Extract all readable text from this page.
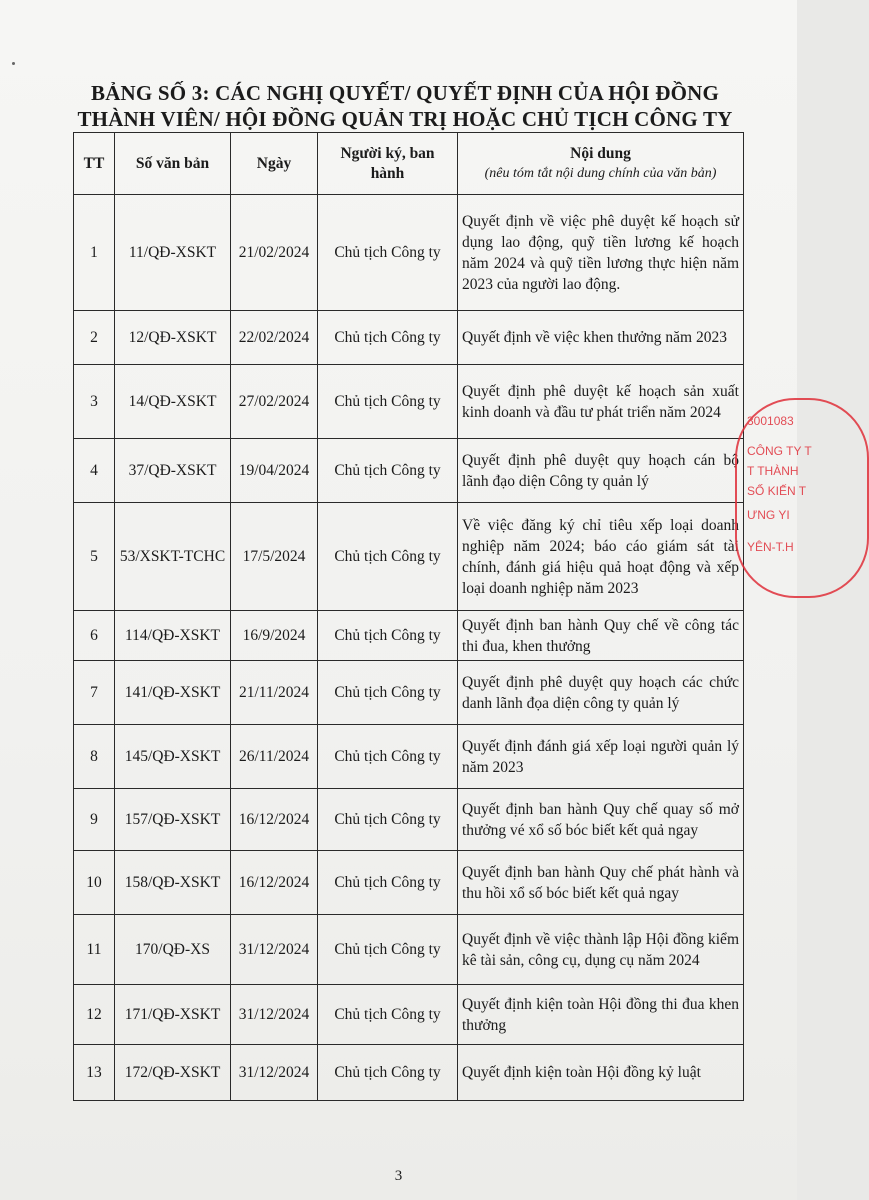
BẢNG SỐ 3: CÁC NGHỊ QUYẾT/ QUYẾT ĐỊNH CỦA HỘI ĐỒNG
THÀNH VIÊN/ HỘI ĐỒNG QUẢN TRỊ HOẶC CHỦ TỊCH CÔNG TY
TT	Số văn bản	Ngày	Người ký, ban hành	Nội dung
(nêu tóm tắt nội dung chính của văn bản)

1	11/QĐ-XSKT	21/02/2024	Chủ tịch Công ty	Quyết định về việc phê duyệt kế hoạch sử dụng lao động, quỹ tiền lương kế hoạch năm 2024 và quỹ tiền lương thực hiện năm 2023 của người lao động.
2	12/QĐ-XSKT	22/02/2024	Chủ tịch Công ty	Quyết định về việc khen thưởng năm 2023
3	14/QĐ-XSKT	27/02/2024	Chủ tịch Công ty	Quyết định phê duyệt kế hoạch sản xuất kinh doanh và đầu tư phát triển năm 2024
4	37/QĐ-XSKT	19/04/2024	Chủ tịch Công ty	Quyết định phê duyệt quy hoạch cán bộ lãnh đạo diện Công ty quản lý
5	53/XSKT-TCHC	17/5/2024	Chủ tịch Công ty	Về việc đăng ký chỉ tiêu xếp loại doanh nghiệp năm 2024; báo cáo giám sát tài chính, đánh giá hiệu quả hoạt động và xếp loại doanh nghiệp năm 2023
6	114/QĐ-XSKT	16/9/2024	Chủ tịch Công ty	Quyết định ban hành Quy chế về công tác thi đua, khen thưởng
7	141/QĐ-XSKT	21/11/2024	Chủ tịch Công ty	Quyết định phê duyệt quy hoạch các chức danh lãnh đọa diện công ty quản lý
8	145/QĐ-XSKT	26/11/2024	Chủ tịch Công ty	Quyết định đánh giá xếp loại người quản lý năm 2023
9	157/QĐ-XSKT	16/12/2024	Chủ tịch Công ty	Quyết định ban hành Quy chế quay số mở thưởng vé xổ số bóc biết kết quả ngay
10	158/QĐ-XSKT	16/12/2024	Chủ tịch Công ty	Quyết định ban hành Quy chế phát hành và thu hồi xổ số bóc biết kết quả ngay
11	170/QĐ-XS	31/12/2024	Chủ tịch Công ty	Quyết định về việc thành lập Hội đồng kiểm kê tài sản, công cụ, dụng cụ năm 2024
12	171/QĐ-XSKT	31/12/2024	Chủ tịch Công ty	Quyết định kiện toàn Hội đồng thi đua khen thưởng
13	172/QĐ-XSKT	31/12/2024	Chủ tịch Công ty	Quyết định kiện toàn Hội đồng kỷ luật
3001083
CÔNG TY T
T THÀNH
SỐ KIẾN T
ƯNG YI
YÊN-T.H
3
